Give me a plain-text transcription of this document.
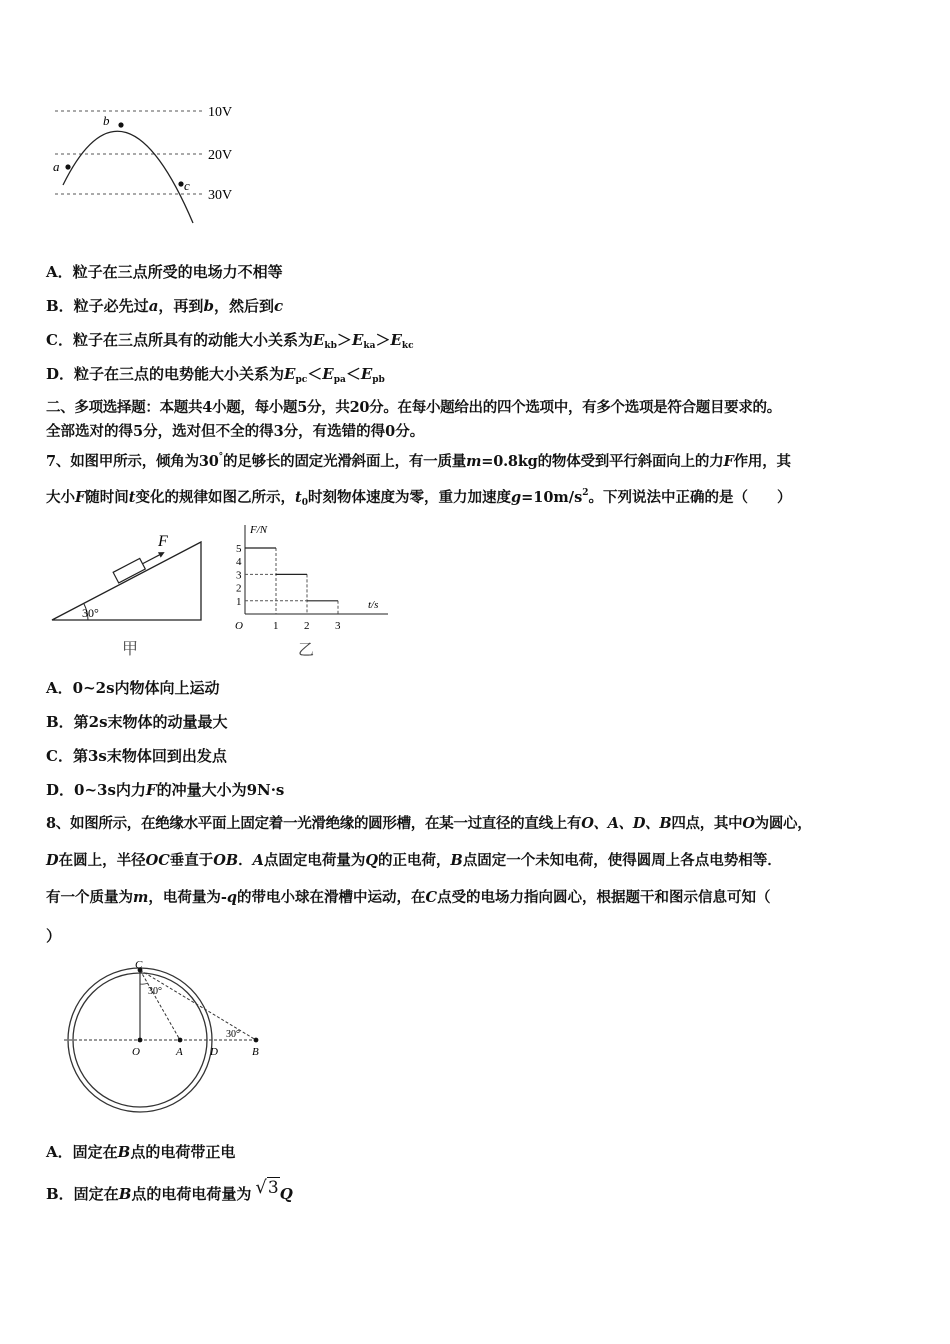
10V
20V
30V
a
b
c
A．粒子在三点所受的电场力不相等
B．粒子必先过a，再到b，然后到c
C．粒子在三点所具有的动能大小关系为$E_{kb}>E_{ka}>E_{kc}$
D．粒子在三点的电势能大小关系为$E_{pc}<E_{pa}<E_{pb}$
二、多项选择题：本题共4小题，每小题5分，共20分。在每小题给出的四个选项中，有多个选项是符合题目要求的。
全部选对的得5分，选对但不全的得3分，有选错的得0分。
7、如图甲所示，倾角为30°的足够长的固定光滑斜面上，有一质量m=0.8kg的物体受到平行斜面向上的力F作用，其
大小F随时间t变化的规律如图乙所示，$t_0$时刻物体速度为零，重力加速度$g=10m/s^2$。下列说法中正确的是（　　）
30°
F
甲
5
4
3
2
1
O	1 2 3
F/N
t/s
乙
A．0~2s内物体向上运动
B．第2s末物体的动量最大
C．第3s末物体回到出发点
D．0~3s内力F的冲量大小为9N·s
8、如图所示，在绝缘水平面上固定着一光滑绝缘的圆形槽，在某一过直径的直线上有O、A、D、B四点，其中O为圆心，
D在圆上，半径OC垂直于OB．A点固定电荷量为Q的正电荷，B点固定一个未知电荷，使得圆周上各点电势相等．
有一个质量为m，电荷量为-q的带电小球在滑槽中运动，在C点受的电场力指向圆心，根据题干和图示信息可知（
）
C
O	A D	B
30°
30°
A．固定在B点的电荷带正电
B．固定在B点的电荷电荷量为 √3Q
